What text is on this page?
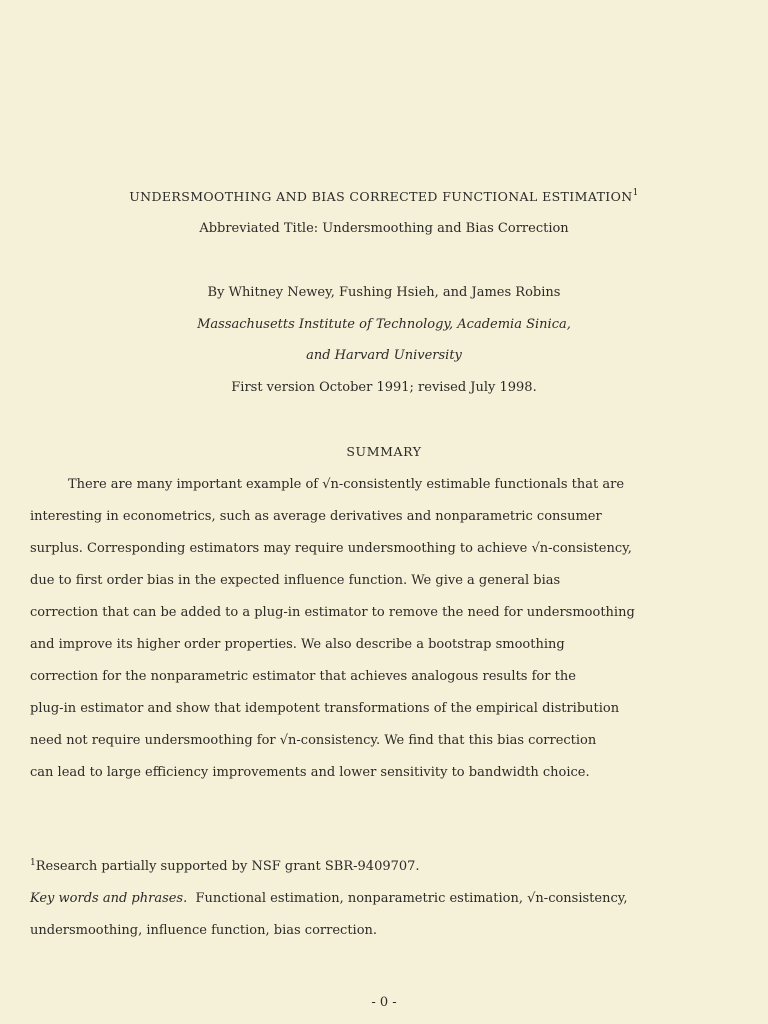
UNDERSMOOTHING AND BIAS CORRECTED FUNCTIONAL ESTIMATION$^1$
Abbreviated Title: Undersmoothing and Bias Correction
By Whitney Newey, Fushing Hsieh, and James Robins
Massachusetts Institute of Technology, Academia Sinica,
and Harvard University
First version October 1991; revised July 1998.
SUMMARY
There are many important example of √n-consistently estimable functionals that are
interesting in econometrics, such as average derivatives and nonparametric consumer
surplus. Corresponding estimators may require undersmoothing to achieve √n-consistency,
due to first order bias in the expected influence function. We give a general bias
correction that can be added to a plug-in estimator to remove the need for undersmoothing
and improve its higher order properties. We also describe a bootstrap smoothing
correction for the nonparametric estimator that achieves analogous results for the
plug-in estimator and show that idempotent transformations of the empirical distribution
need not require undersmoothing for √n-consistency. We find that this bias correction
can lead to large efficiency improvements and lower sensitivity to bandwidth choice.
$^1$Research partially supported by NSF grant SBR-9409707.
Key words and phrases. Functional estimation, nonparametric estimation, √n-consistency,
undersmoothing, influence function, bias correction.
- 0 -
